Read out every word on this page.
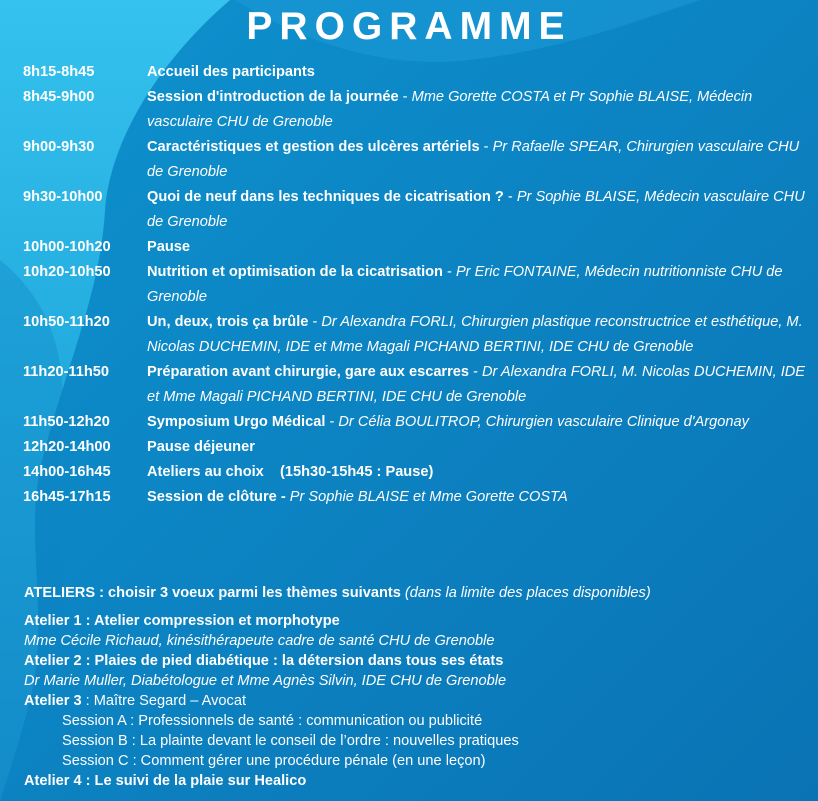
PROGRAMME
8h15-8h45	Accueil des participants
8h45-9h00	Session d'introduction de la journée - Mme Gorette COSTA et Pr Sophie BLAISE, Médecin vasculaire CHU de Grenoble
9h00-9h30	Caractéristiques et gestion des ulcères artériels - Pr Rafaelle SPEAR, Chirurgien vasculaire CHU de Grenoble
9h30-10h00	Quoi de neuf dans les techniques de cicatrisation ? - Pr Sophie BLAISE, Médecin vasculaire CHU de Grenoble
10h00-10h20	Pause
10h20-10h50	Nutrition et optimisation de la cicatrisation - Pr Eric FONTAINE, Médecin nutritionniste CHU de Grenoble
10h50-11h20	Un, deux, trois ça brûle - Dr Alexandra FORLI, Chirurgien plastique reconstructrice et esthétique, M. Nicolas DUCHEMIN, IDE et Mme Magali PICHAND BERTINI, IDE CHU de Grenoble
11h20-11h50	Préparation avant chirurgie, gare aux escarres - Dr Alexandra FORLI, M. Nicolas DUCHEMIN, IDE et Mme Magali PICHAND BERTINI, IDE CHU de Grenoble
11h50-12h20	Symposium Urgo Médical - Dr Célia BOULITROP, Chirurgien vasculaire Clinique d'Argonay
12h20-14h00	Pause déjeuner
14h00-16h45	Ateliers au choix    (15h30-15h45 : Pause)
16h45-17h15	Session de clôture - Pr Sophie BLAISE et Mme Gorette COSTA
ATELIERS : choisir 3 voeux parmi les thèmes suivants (dans la limite des places disponibles)
Atelier 1 : Atelier compression et morphotype
Mme Cécile Richaud, kinésithérapeute cadre de santé CHU de Grenoble
Atelier 2 : Plaies de pied diabétique : la détersion dans tous ses états
Dr Marie Muller, Diabétologue et Mme Agnès Silvin, IDE CHU de Grenoble
Atelier 3 : Maître Segard – Avocat
Session A : Professionnels de santé : communication ou publicité
Session B : La plainte devant le conseil de l’ordre : nouvelles pratiques
Session C : Comment gérer une procédure pénale (en une leçon)
Atelier 4 : Le suivi de la plaie sur Healico
